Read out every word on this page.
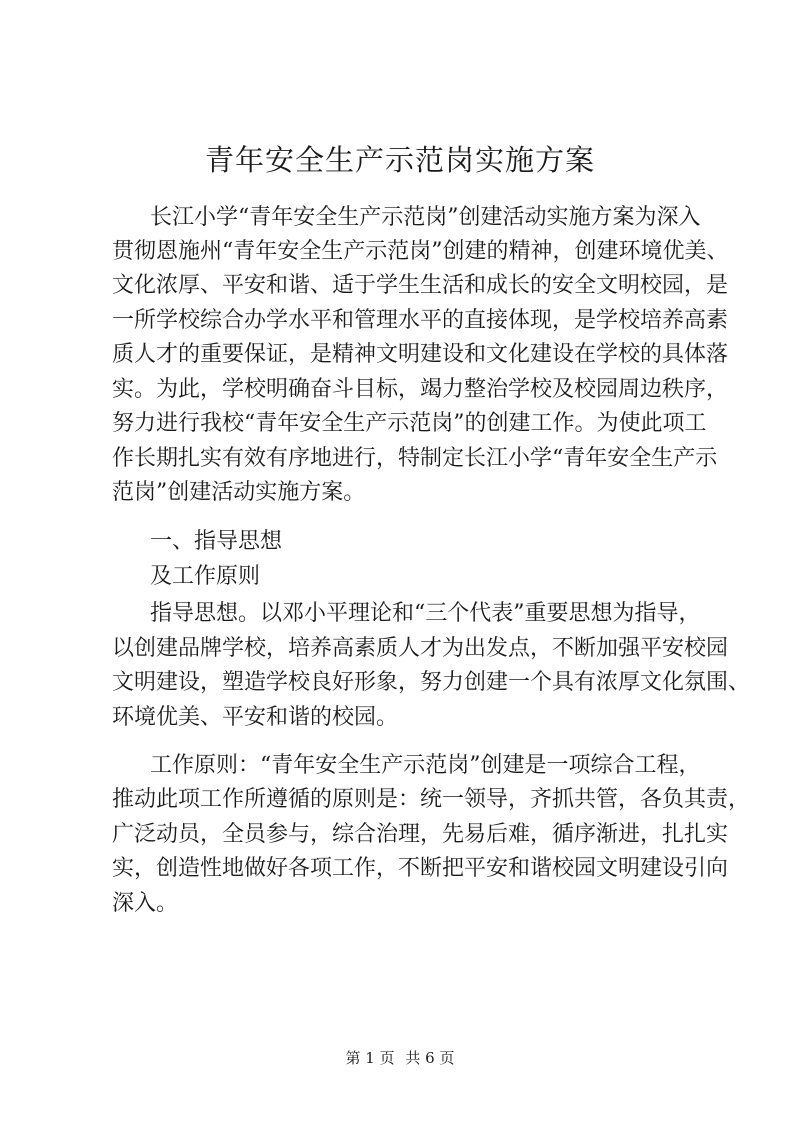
青年安全生产示范岗实施方案

长江小学“青年安全生产示范岗”创建活动实施方案为深入

贯彻恩施州“青年安全生产示范岗”创建的精神，创建环境优美、

文化浓厚、平安和谐、适于学生生活和成长的安全文明校园，是

一所学校综合办学水平和管理水平的直接体现，是学校培养高素

质人才的重要保证，是精神文明建设和文化建设在学校的具体落

实。为此，学校明确奋斗目标，竭力整治学校及校园周边秩序，

努力进行我校“青年安全生产示范岗”的创建工作。为使此项工

作长期扎实有效有序地进行，特制定长江小学“青年安全生产示

范岗”创建活动实施方案。

一、指导思想

及工作原则

指导思想。以邓小平理论和“三个代表”重要思想为指导，

以创建品牌学校，培养高素质人才为出发点，不断加强平安校园

文明建设，塑造学校良好形象，努力创建一个具有浓厚文化氛围、

环境优美、平安和谐的校园。

工作原则：“青年安全生产示范岗”创建是一项综合工程，

推动此项工作所遵循的原则是：统一领导，齐抓共管，各负其责，

广泛动员，全员参与，综合治理，先易后难，循序渐进，扎扎实

实，创造性地做好各项工作，不断把平安和谐校园文明建设引向

深入。

第 1 页 共 6 页
